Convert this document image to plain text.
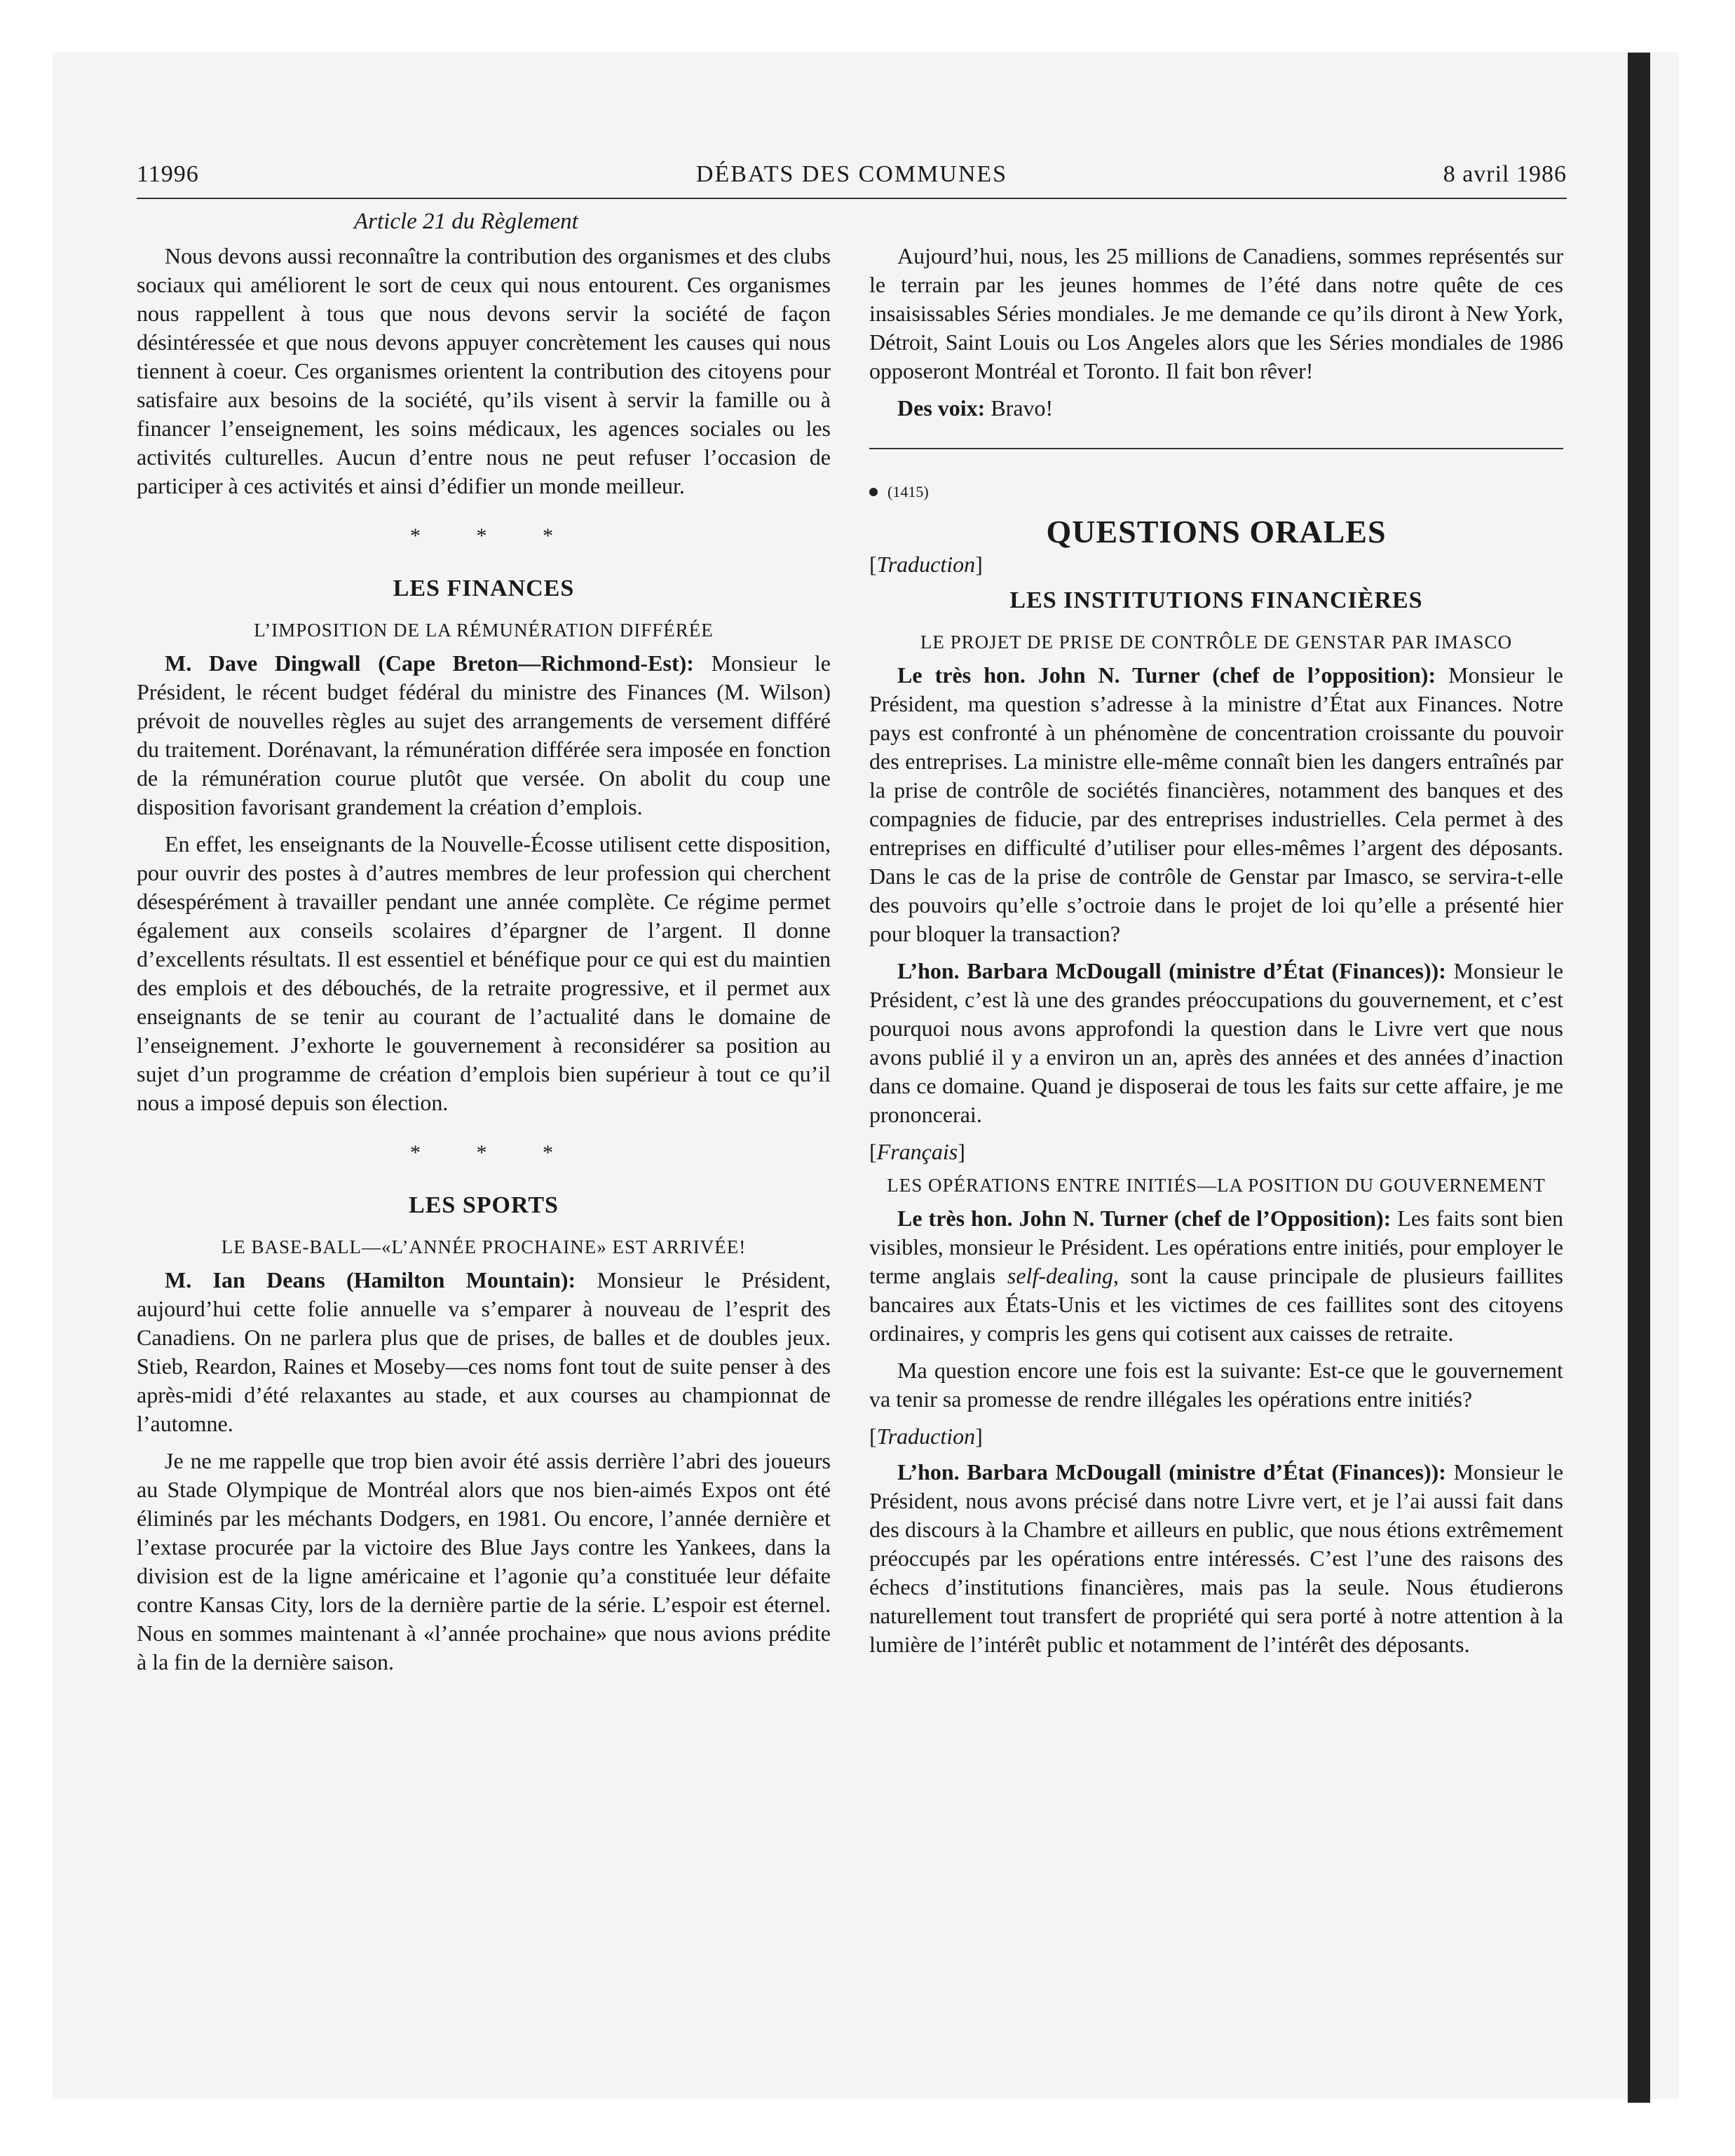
11996	DÉBATS DES COMMUNES	8 avril 1986
Article 21 du Règlement

Nous devons aussi reconnaître la contribution des organismes et des clubs sociaux qui améliorent le sort de ceux qui nous entourent. Ces organismes nous rappellent à tous que nous devons servir la société de façon désintéressée et que nous devons appuyer concrètement les causes qui nous tiennent à coeur. Ces organismes orientent la contribution des citoyens pour satisfaire aux besoins de la société, qu’ils visent à servir la famille ou à financer l’enseignement, les soins médicaux, les agences sociales ou les activités culturelles. Aucun d’entre nous ne peut refuser l’occasion de participer à ces activités et ainsi d’édifier un monde meilleur.

* * *
LES FINANCES
L’IMPOSITION DE LA RÉMUNÉRATION DIFFÉRÉE

M. Dave Dingwall (Cape Breton—Richmond-Est): Monsieur le Président, le récent budget fédéral du ministre des Finances (M. Wilson) prévoit de nouvelles règles au sujet des arrangements de versement différé du traitement. Dorénavant, la rémunération différée sera imposée en fonction de la rémunération courue plutôt que versée. On abolit du coup une disposition favorisant grandement la création d’emplois.

En effet, les enseignants de la Nouvelle-Écosse utilisent cette disposition, pour ouvrir des postes à d’autres membres de leur profession qui cherchent désespérément à travailler pendant une année complète. Ce régime permet également aux conseils scolaires d’épargner de l’argent. Il donne d’excellents résultats. Il est essentiel et bénéfique pour ce qui est du maintien des emplois et des débouchés, de la retraite progressive, et il permet aux enseignants de se tenir au courant de l’actualité dans le domaine de l’enseignement. J’exhorte le gouvernement à reconsidérer sa position au sujet d’un programme de création d’emplois bien supérieur à tout ce qu’il nous a imposé depuis son élection.

* * *
LES SPORTS
LE BASE-BALL—«L’ANNÉE PROCHAINE» EST ARRIVÉE!

M. Ian Deans (Hamilton Mountain): Monsieur le Président, aujourd’hui cette folie annuelle va s’emparer à nouveau de l’esprit des Canadiens. On ne parlera plus que de prises, de balles et de doubles jeux. Stieb, Reardon, Raines et Moseby—ces noms font tout de suite penser à des après-midi d’été relaxantes au stade, et aux courses au championnat de l’automne.

Je ne me rappelle que trop bien avoir été assis derrière l’abri des joueurs au Stade Olympique de Montréal alors que nos bien-aimés Expos ont été éliminés par les méchants Dodgers, en 1981. Ou encore, l’année dernière et l’extase procurée par la victoire des Blue Jays contre les Yankees, dans la division est de la ligne américaine et l’agonie qu’a constituée leur défaite contre Kansas City, lors de la dernière partie de la série. L’espoir est éternel. Nous en sommes maintenant à «l’année prochaine» que nous avions prédite à la fin de la dernière saison.

Aujourd’hui, nous, les 25 millions de Canadiens, sommes représentés sur le terrain par les jeunes hommes de l’été dans notre quête de ces insaisissables Séries mondiales. Je me demande ce qu’ils diront à New York, Détroit, Saint Louis ou Los Angeles alors que les Séries mondiales de 1986 opposeront Montréal et Toronto. Il fait bon rêver!

Des voix: Bravo!

(1415)
QUESTIONS ORALES
[Traduction]
LES INSTITUTIONS FINANCIÈRES
LE PROJET DE PRISE DE CONTRÔLE DE GENSTAR PAR IMASCO

Le très hon. John N. Turner (chef de l’opposition): Monsieur le Président, ma question s’adresse à la ministre d’État aux Finances. Notre pays est confronté à un phénomène de concentration croissante du pouvoir des entreprises. La ministre elle-même connaît bien les dangers entraînés par la prise de contrôle de sociétés financières, notamment des banques et des compagnies de fiducie, par des entreprises industrielles. Cela permet à des entreprises en difficulté d’utiliser pour elles-mêmes l’argent des déposants. Dans le cas de la prise de contrôle de Genstar par Imasco, se servira-t-elle des pouvoirs qu’elle s’octroie dans le projet de loi qu’elle a présenté hier pour bloquer la transaction?

L’hon. Barbara McDougall (ministre d’État (Finances)): Monsieur le Président, c’est là une des grandes préoccupations du gouvernement, et c’est pourquoi nous avons approfondi la question dans le Livre vert que nous avons publié il y a environ un an, après des années et des années d’inaction dans ce domaine. Quand je disposerai de tous les faits sur cette affaire, je me prononcerai.

[Français]
LES OPÉRATIONS ENTRE INITIÉS—LA POSITION DU GOUVERNEMENT

Le très hon. John N. Turner (chef de l’Opposition): Les faits sont bien visibles, monsieur le Président. Les opérations entre initiés, pour employer le terme anglais self-dealing, sont la cause principale de plusieurs faillites bancaires aux États-Unis et les victimes de ces faillites sont des citoyens ordinaires, y compris les gens qui cotisent aux caisses de retraite.

Ma question encore une fois est la suivante: Est-ce que le gouvernement va tenir sa promesse de rendre illégales les opérations entre initiés?

[Traduction]

L’hon. Barbara McDougall (ministre d’État (Finances)): Monsieur le Président, nous avons précisé dans notre Livre vert, et je l’ai aussi fait dans des discours à la Chambre et ailleurs en public, que nous étions extrêmement préoccupés par les opérations entre intéressés. C’est l’une des raisons des échecs d’institutions financières, mais pas la seule. Nous étudierons naturellement tout transfert de propriété qui sera porté à notre attention à la lumière de l’intérêt public et notamment de l’intérêt des déposants.
